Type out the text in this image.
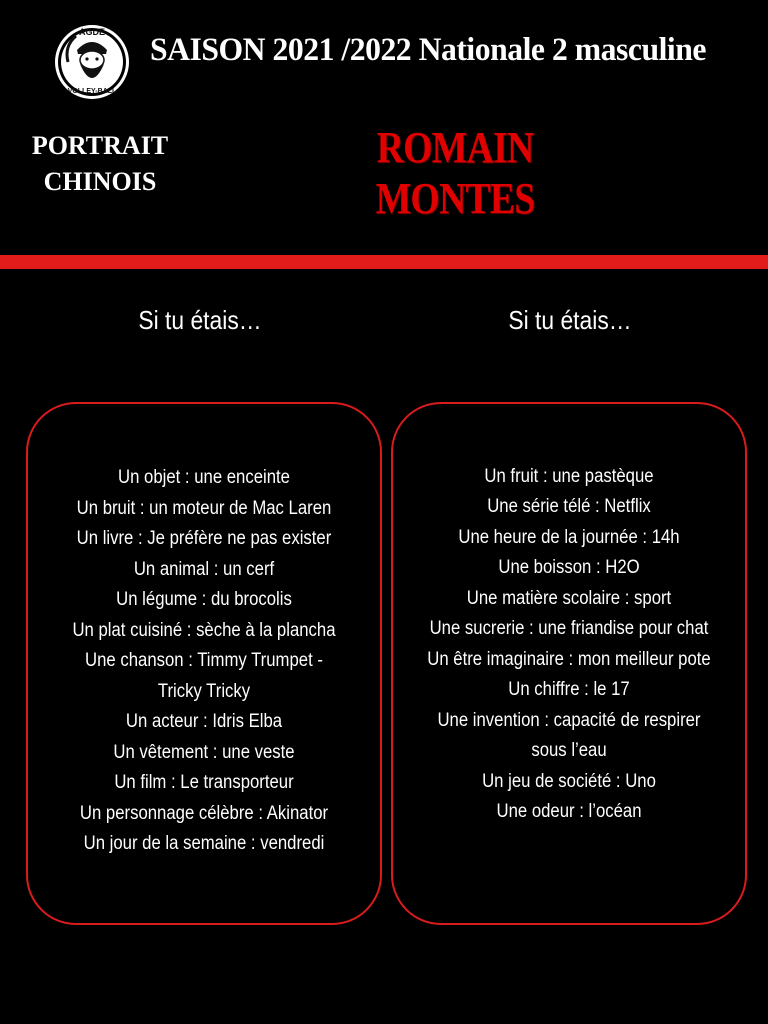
AGDE
VOLLEY-BALL
SAISON 2021 /2022 Nationale 2 masculine
PORTRAIT
CHINOIS
ROMAIN MONTES
Si tu étais…	Si tu étais…
Un objet : une enceinte
Un bruit : un moteur de Mac Laren
Un livre : Je préfère ne pas exister
Un animal : un cerf
Un légume : du brocolis
Un plat cuisiné : sèche à la plancha
Une chanson : Timmy Trumpet - Tricky Tricky
Un acteur : Idris Elba
Un vêtement : une veste
Un film : Le transporteur
Un personnage célèbre : Akinator
Un jour de la semaine : vendredi
Un fruit : une pastèque
Une série télé : Netflix
Une heure de la journée : 14h
Une boisson : H2O
Une matière scolaire : sport
Une sucrerie : une friandise pour chat
Un être imaginaire : mon meilleur pote
Un chiffre : le 17
Une invention : capacité de respirer sous l’eau
Un jeu de société : Uno
Une odeur : l’océan
